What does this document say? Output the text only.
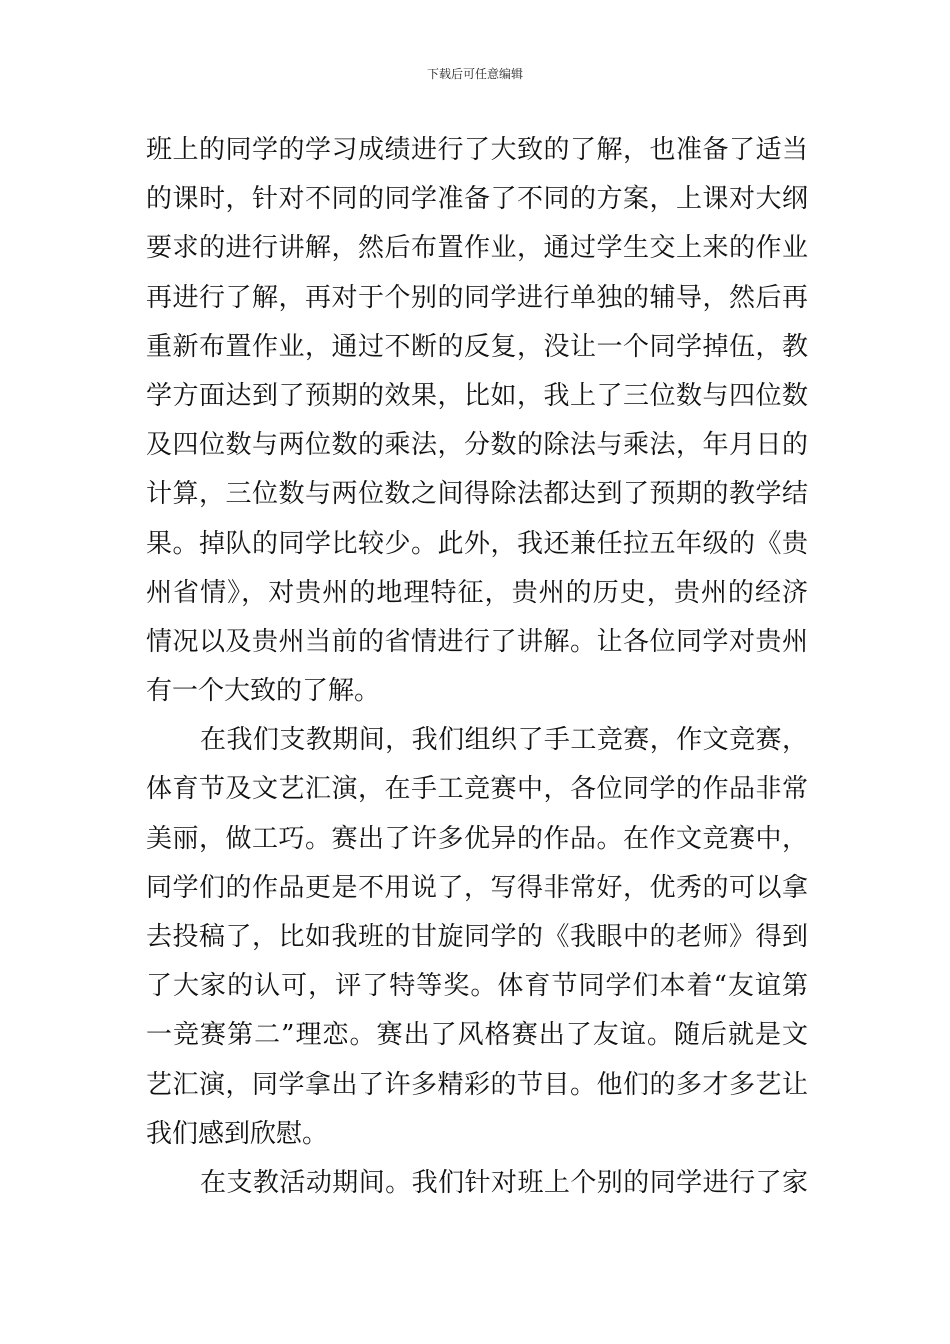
下载后可任意编辑
班上的同学的学习成绩进行了大致的了解，也准备了适当
的课时，针对不同的同学准备了不同的方案，上课对大纲
要求的进行讲解，然后布置作业，通过学生交上来的作业
再进行了解，再对于个别的同学进行单独的辅导，然后再
重新布置作业，通过不断的反复，没让一个同学掉伍，教
学方面达到了预期的效果，比如，我上了三位数与四位数
及四位数与两位数的乘法，分数的除法与乘法，年月日的
计算，三位数与两位数之间得除法都达到了预期的教学结
果。掉队的同学比较少。此外，我还兼任拉五年级的《贵
州省情》，对贵州的地理特征，贵州的历史，贵州的经济
情况以及贵州当前的省情进行了讲解。让各位同学对贵州
有一个大致的了解。
在我们支教期间，我们组织了手工竞赛，作文竞赛，
体育节及文艺汇演，在手工竞赛中，各位同学的作品非常
美丽，做工巧。赛出了许多优异的作品。在作文竞赛中，
同学们的作品更是不用说了，写得非常好，优秀的可以拿
去投稿了，比如我班的甘旋同学的《我眼中的老师》得到
了大家的认可，评了特等奖。体育节同学们本着“友谊第
一竞赛第二”理恋。赛出了风格赛出了友谊。随后就是文
艺汇演，同学拿出了许多精彩的节目。他们的多才多艺让
我们感到欣慰。
在支教活动期间。我们针对班上个别的同学进行了家
